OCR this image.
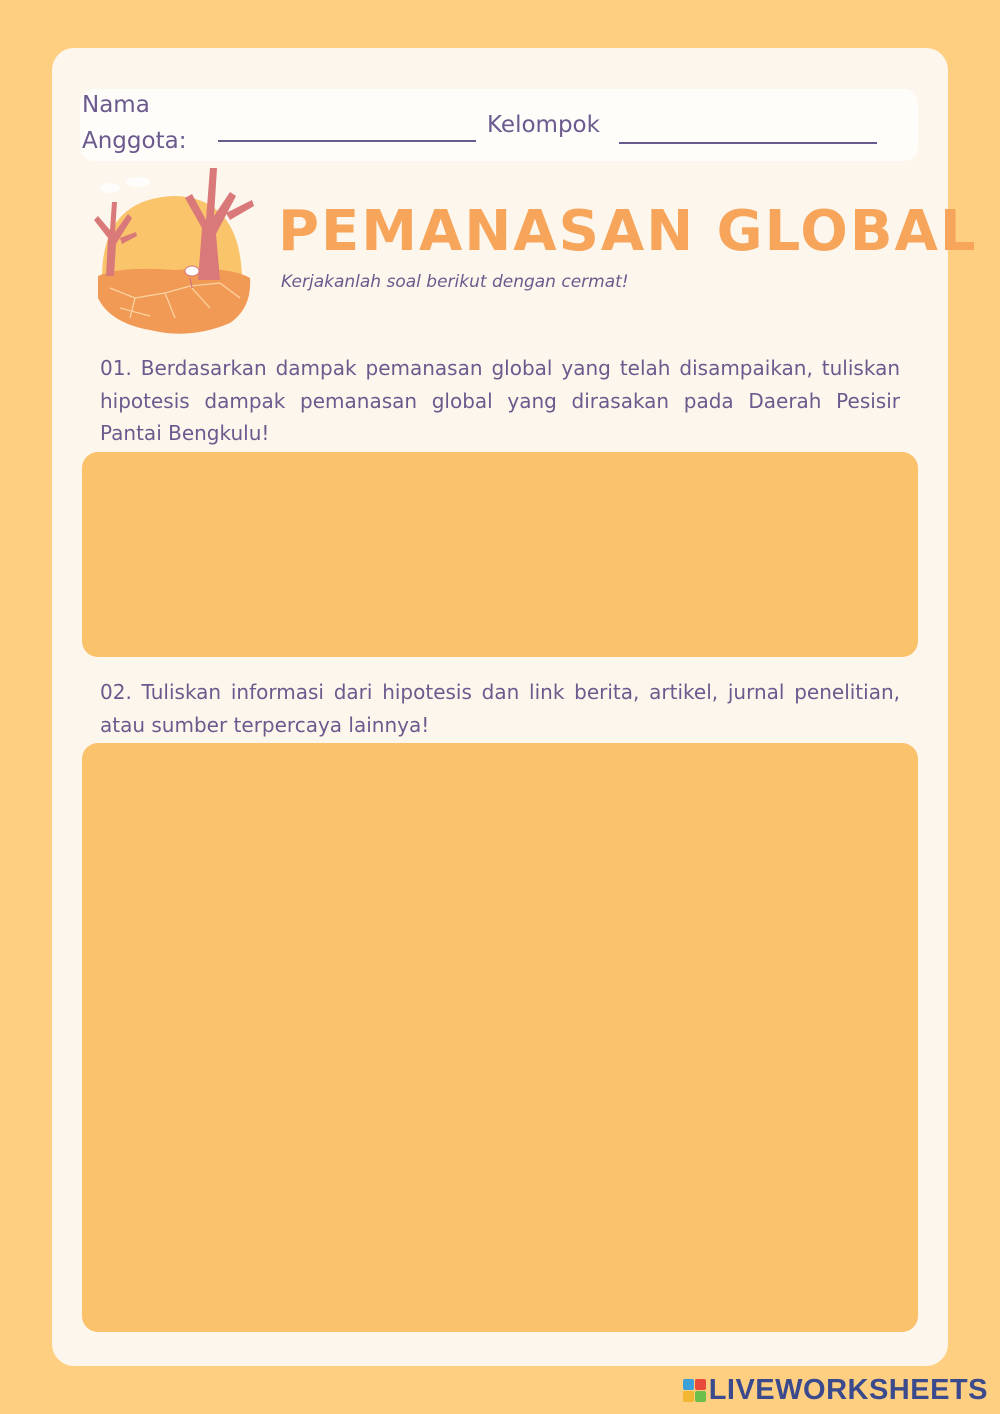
Nama
Anggota:
Kelompok
PEMANASAN GLOBAL
Kerjakanlah soal berikut dengan cermat!
01. Berdasarkan dampak pemanasan global yang telah disampaikan, tuliskan hipotesis dampak pemanasan global yang dirasakan pada Daerah Pesisir Pantai Bengkulu!
02. Tuliskan informasi dari hipotesis dan link berita, artikel, jurnal penelitian, atau sumber terpercaya lainnya!
LIVEWORKSHEETS
